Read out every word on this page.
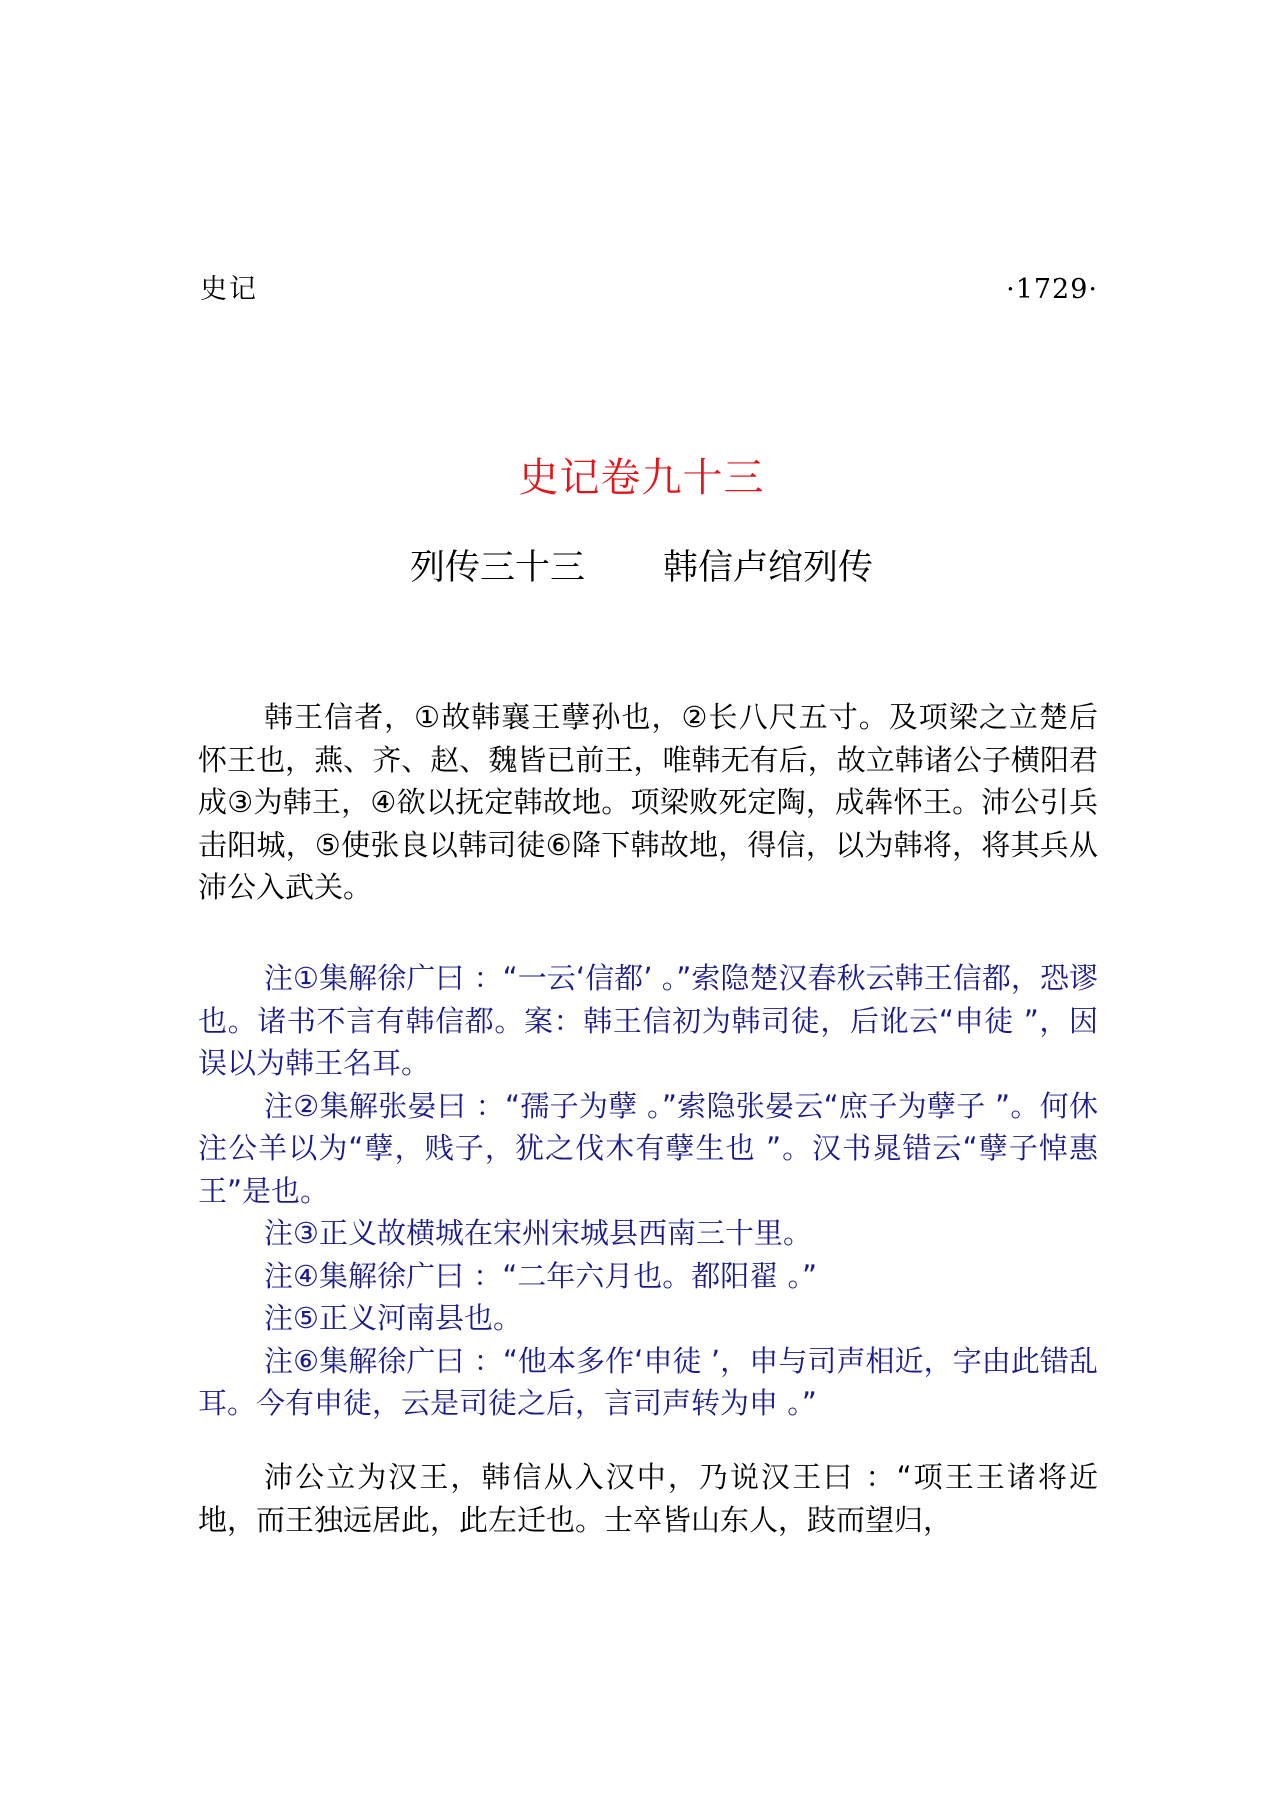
史记	·1729·
史记卷九十三
列传三十三 韩信卢绾列传

韩王信者，①故韩襄王孽孙也，②长八尺五寸。及项梁之立楚后怀王也，燕、齐、赵、魏皆已前王，唯韩无有后，故立韩诸公子横阳君成③为韩王，④欲以抚定韩故地。项梁败死定陶，成犇怀王。沛公引兵击阳城，⑤使张良以韩司徒⑥降下韩故地，得信，以为韩将，将其兵从沛公入武关。

注①集解徐广曰 ：“一云‘信都’ 。”索隐楚汉春秋云韩王信都，恐谬也。诸书不言有韩信都。案：韩王信初为韩司徒，后讹云“申徒 ”，因误以为韩王名耳。

注②集解张晏曰 ：“孺子为孽 。”索隐张晏云“庶子为孽子 ”。何休注公羊以为“孽，贱子，犹之伐木有孽生也 ”。汉书晁错云“孽子悼惠王”是也。

注③正义故横城在宋州宋城县西南三十里。

注④集解徐广曰 ：“二年六月也。都阳翟 。”

注⑤正义河南县也。

注⑥集解徐广曰 ：“他本多作‘申徒 ’，申与司声相近，字由此错乱耳。今有申徒，云是司徒之后，言司声转为申 。”

沛公立为汉王，韩信从入汉中，乃说汉王曰 ：“项王王诸将近地，而王独远居此，此左迁也。士卒皆山东人，跂而望归，
